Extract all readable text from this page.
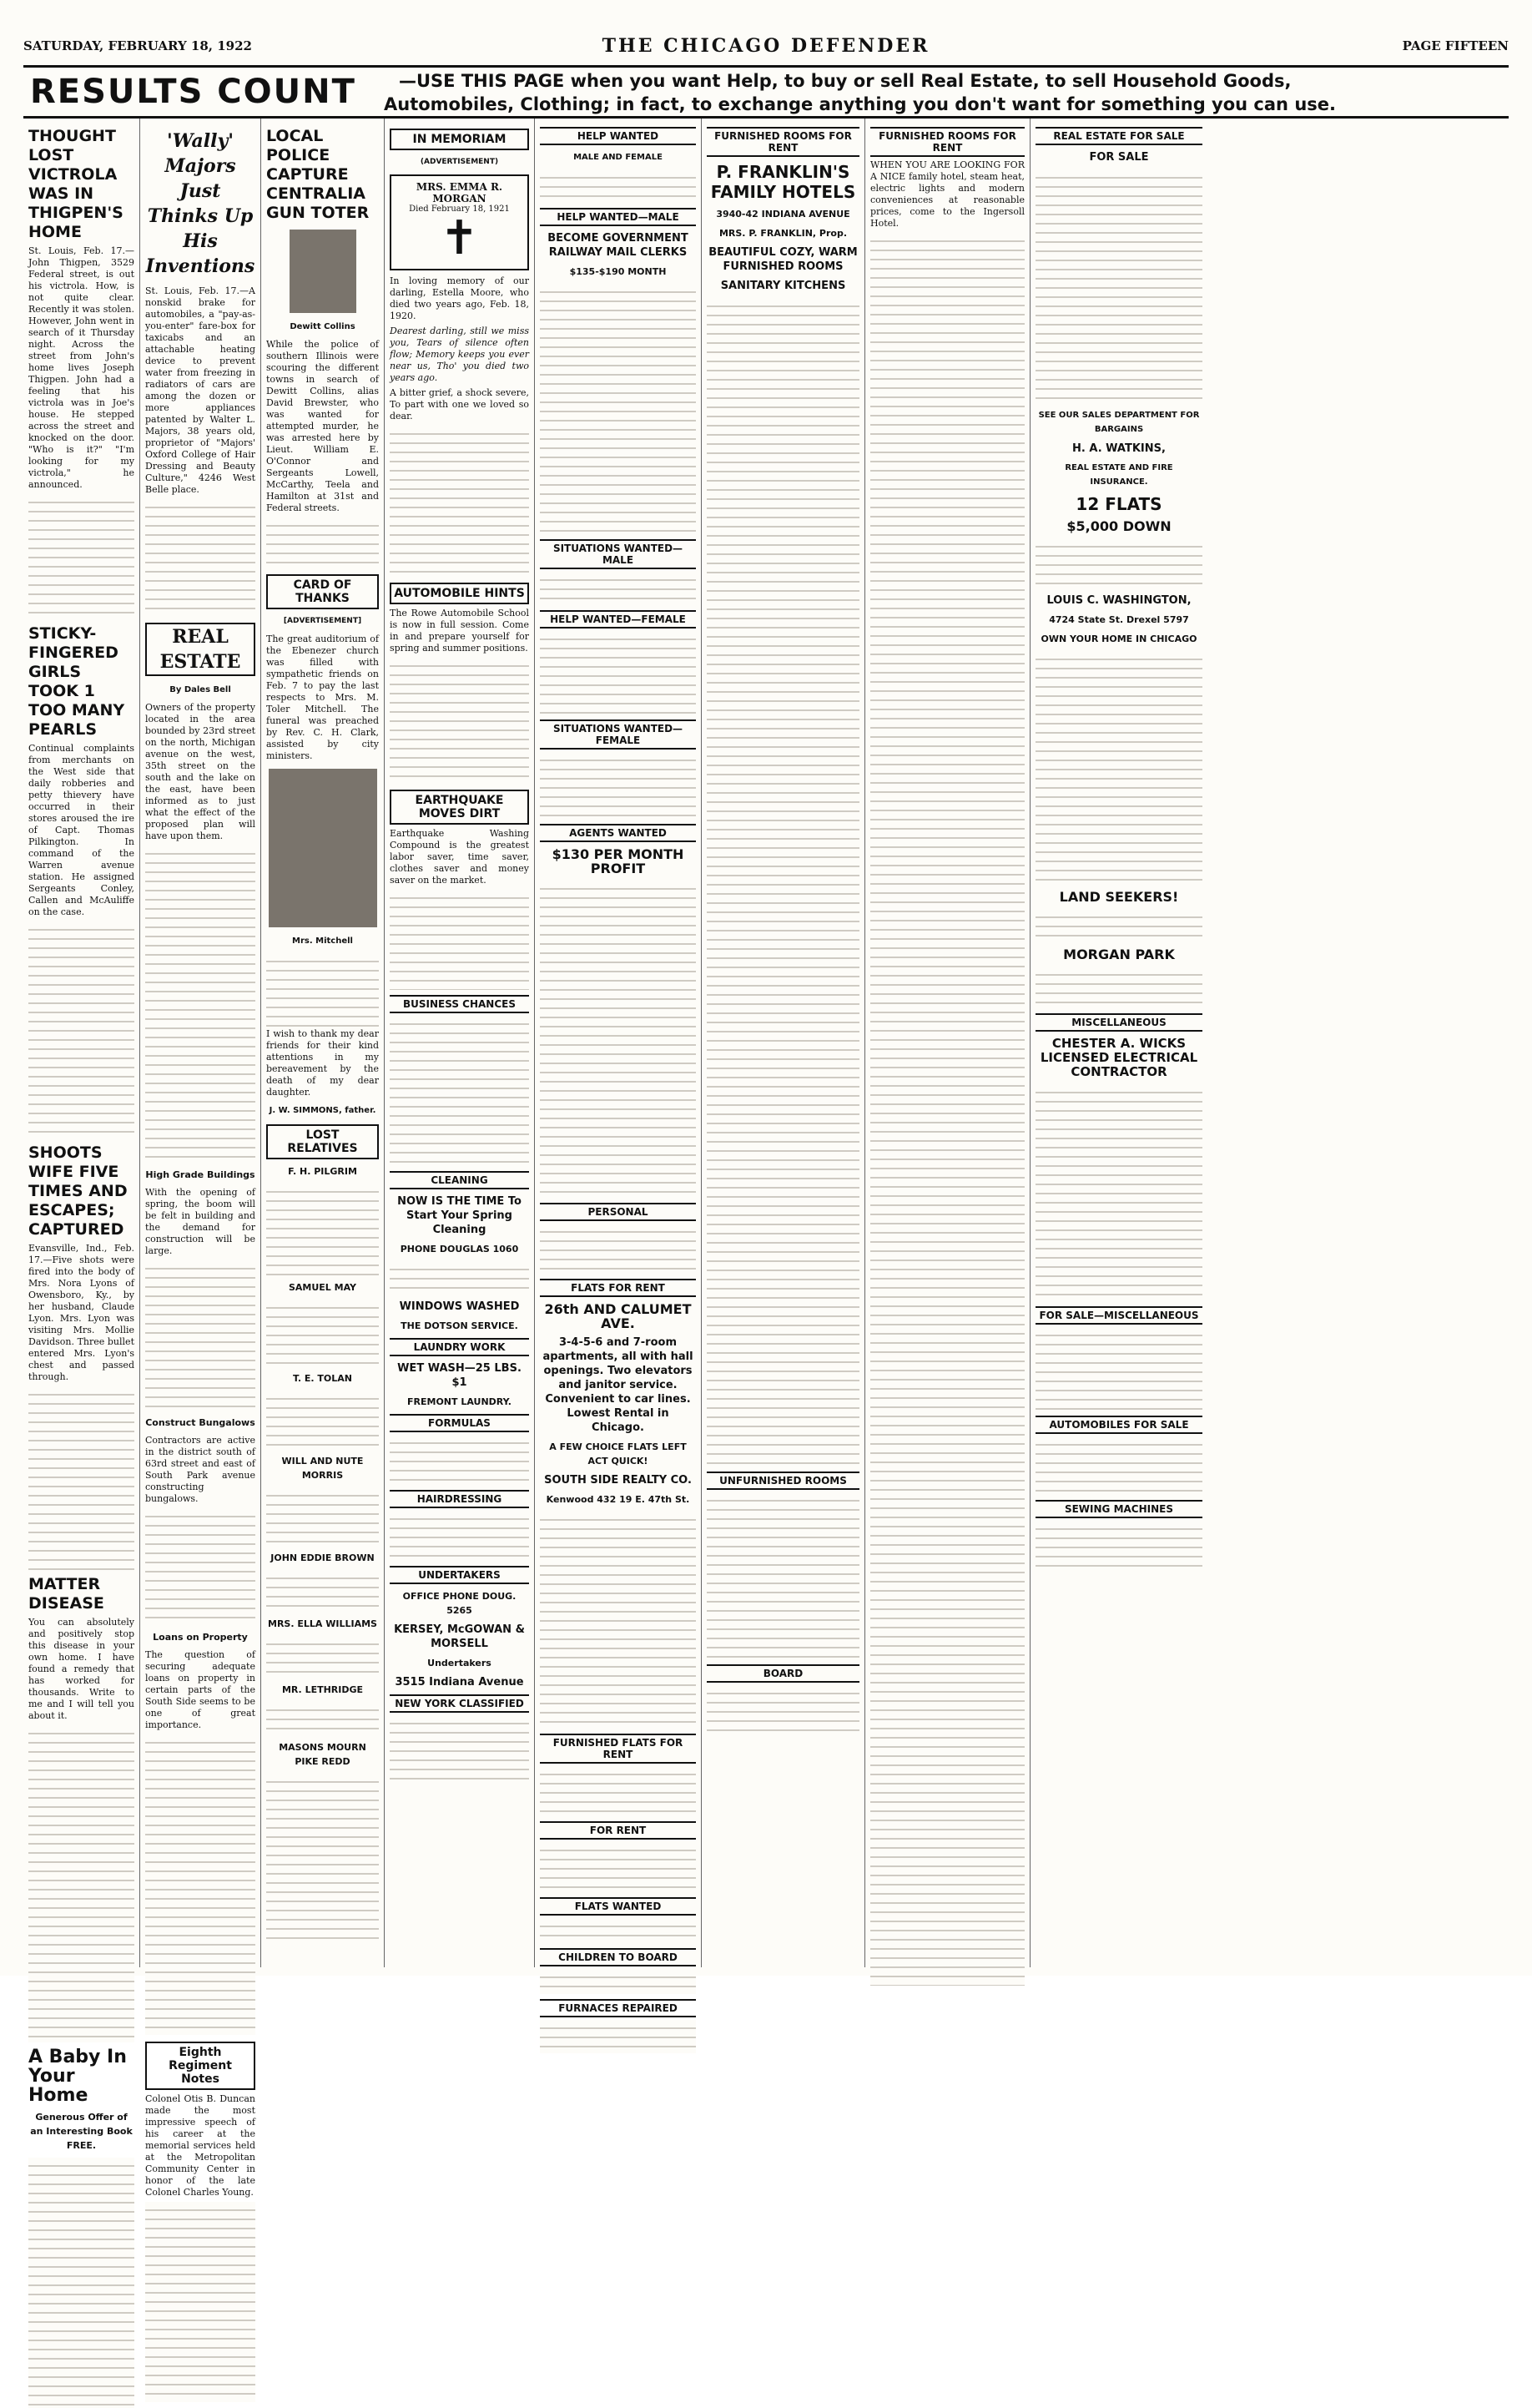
SATURDAY, FEBRUARY 18, 1922	THE CHICAGO DEFENDER	PAGE FIFTEEN
RESULTS COUNT —USE THIS PAGE when you want Help, to buy or sell Real Estate, to sell Household Goods,
Automobiles, Clothing; in fact, to exchange anything you don't want for something you can use.
THOUGHT LOST VICTROLA WAS IN THIGPEN'S HOME

St. Louis, Feb. 17.—John Thigpen, 3529 Federal street, is out his victrola. How, is not quite clear. Recently it was stolen. However, John went in search of it Thursday night. Across the street from John's home lives Joseph Thigpen. John had a feeling that his victrola was in Joe's house. He stepped across the street and knocked on the door. "Who is it?" "I'm looking for my victrola," he announced.

STICKY-FINGERED GIRLS TOOK 1 TOO MANY PEARLS

Continual complaints from merchants on the West side that daily robberies and petty thievery have occurred in their stores aroused the ire of Capt. Thomas Pilkington. In command of the Warren avenue station. He assigned Sergeants Conley, Callen and McAuliffe on the case.

SHOOTS WIFE FIVE TIMES AND ESCAPES; CAPTURED

Evansville, Ind., Feb. 17.—Five shots were fired into the body of Mrs. Nora Lyons of Owensboro, Ky., by her husband, Claude Lyon. Mrs. Lyon was visiting Mrs. Mollie Davidson. Three bullet entered Mrs. Lyon's chest and passed through.

MATTER DISEASE

You can absolutely and positively stop this disease in your own home. I have found a remedy that has worked for thousands. Write to me and I will tell you about it.

A Baby In Your Home
Generous Offer of an Interesting Book FREE.
'Wally' Majors Just Thinks Up His Inventions

St. Louis, Feb. 17.—A nonskid brake for automobiles, a "pay-as-you-enter" fare-box for taxicabs and an attachable heating device to prevent water from freezing in radiators of cars are among the dozen or more appliances patented by Walter L. Majors, 38 years old, proprietor of "Majors' Oxford College of Hair Dressing and Beauty Culture," 4246 West Belle place.

REAL ESTATE
By Dales Bell

Owners of the property located in the area bounded by 23rd street on the north, Michigan avenue on the west, 35th street on the south and the lake on the east, have been informed as to just what the effect of the proposed plan will have upon them.

High Grade Buildings

With the opening of spring, the boom will be felt in building and the demand for construction will be large.

Construct Bungalows

Contractors are active in the district south of 63rd street and east of South Park avenue constructing bungalows.

Loans on Property

The question of securing adequate loans on property in certain parts of the South Side seems to be one of great importance.

Eighth Regiment Notes

Colonel Otis B. Duncan made the most impressive speech of his career at the memorial services held at the Metropolitan Community Center in honor of the late Colonel Charles Young.

LOCAL POLICE CAPTURE CENTRALIA GUN TOTER
Dewitt Collins

While the police of southern Illinois were scouring the different towns in search of Dewitt Collins, alias David Brewster, who was wanted for attempted murder, he was arrested here by Lieut. William E. O'Connor and Sergeants Lowell, McCarthy, Teela and Hamilton at 31st and Federal streets.

CARD OF THANKS
[ADVERTISEMENT]

The great auditorium of the Ebenezer church was filled with sympathetic friends on Feb. 7 to pay the last respects to Mrs. M. Toler Mitchell. The funeral was preached by Rev. C. H. Clark, assisted by city ministers.

Mrs. Mitchell

I wish to thank my dear friends for their kind attentions in my bereavement by the death of my dear daughter.

J. W. SIMMONS, father.
LOST RELATIVES
F. H. PILGRIM
SAMUEL MAY
T. E. TOLAN
WILL AND NUTE MORRIS
JOHN EDDIE BROWN
MRS. ELLA WILLIAMS
MR. LETHRIDGE
MASONS MOURN PIKE REDD
IN MEMORIAM
(ADVERTISEMENT)
MRS. EMMA R. MORGAN
Died February 18, 1921
✝

In loving memory of our darling, Estella Moore, who died two years ago, Feb. 18, 1920.

Dearest darling, still we miss you, Tears of silence often flow; Memory keeps you ever near us, Tho' you died two years ago.

A bitter grief, a shock severe, To part with one we loved so dear.

AUTOMOBILE HINTS

The Rowe Automobile School is now in full session. Come in and prepare yourself for spring and summer positions.

EARTHQUAKE MOVES DIRT

Earthquake Washing Compound is the greatest labor saver, time saver, clothes saver and money saver on the market.

BUSINESS CHANCES
CLEANING
NOW IS THE TIME To Start Your Spring Cleaning
PHONE DOUGLAS 1060
WINDOWS WASHED
THE DOTSON SERVICE.
LAUNDRY WORK
WET WASH—25 LBS. $1
FREMONT LAUNDRY.
FORMULAS
HAIRDRESSING
UNDERTAKERS
OFFICE PHONE DOUG. 5265
KERSEY, McGOWAN & MORSELL
Undertakers
3515 Indiana Avenue
NEW YORK CLASSIFIED
HELP WANTED
MALE AND FEMALE
HELP WANTED—MALE
BECOME GOVERNMENT RAILWAY MAIL CLERKS
$135-$190 MONTH
SITUATIONS WANTED—MALE
HELP WANTED—FEMALE
SITUATIONS WANTED—FEMALE
AGENTS WANTED
$130 PER MONTH PROFIT
PERSONAL
FLATS FOR RENT
26th AND CALUMET AVE.
3-4-5-6 and 7-room apartments, all with hall openings. Two elevators and janitor service. Convenient to car lines. Lowest Rental in Chicago.
A FEW CHOICE FLATS LEFT ACT QUICK!
SOUTH SIDE REALTY CO.
Kenwood 432 19 E. 47th St.
FURNISHED FLATS FOR RENT
FOR RENT
FLATS WANTED
CHILDREN TO BOARD
FURNACES REPAIRED
FURNISHED ROOMS FOR RENT
P. FRANKLIN'S FAMILY HOTELS
3940-42 INDIANA AVENUE
MRS. P. FRANKLIN, Prop.
BEAUTIFUL COZY, WARM FURNISHED ROOMS
SANITARY KITCHENS
UNFURNISHED ROOMS
BOARD
FURNISHED ROOMS FOR RENT

WHEN YOU ARE LOOKING FOR A NICE family hotel, steam heat, electric lights and modern conveniences at reasonable prices, come to the Ingersoll Hotel.

REAL ESTATE FOR SALE
FOR SALE
SEE OUR SALES DEPARTMENT FOR BARGAINS
H. A. WATKINS,
REAL ESTATE AND FIRE INSURANCE.
12 FLATS
$5,000 DOWN
LOUIS C. WASHINGTON,
4724 State St. Drexel 5797
OWN YOUR HOME IN CHICAGO
LAND SEEKERS!
MORGAN PARK
MISCELLANEOUS
CHESTER A. WICKS LICENSED ELECTRICAL CONTRACTOR
FOR SALE—MISCELLANEOUS
AUTOMOBILES FOR SALE
SEWING MACHINES
